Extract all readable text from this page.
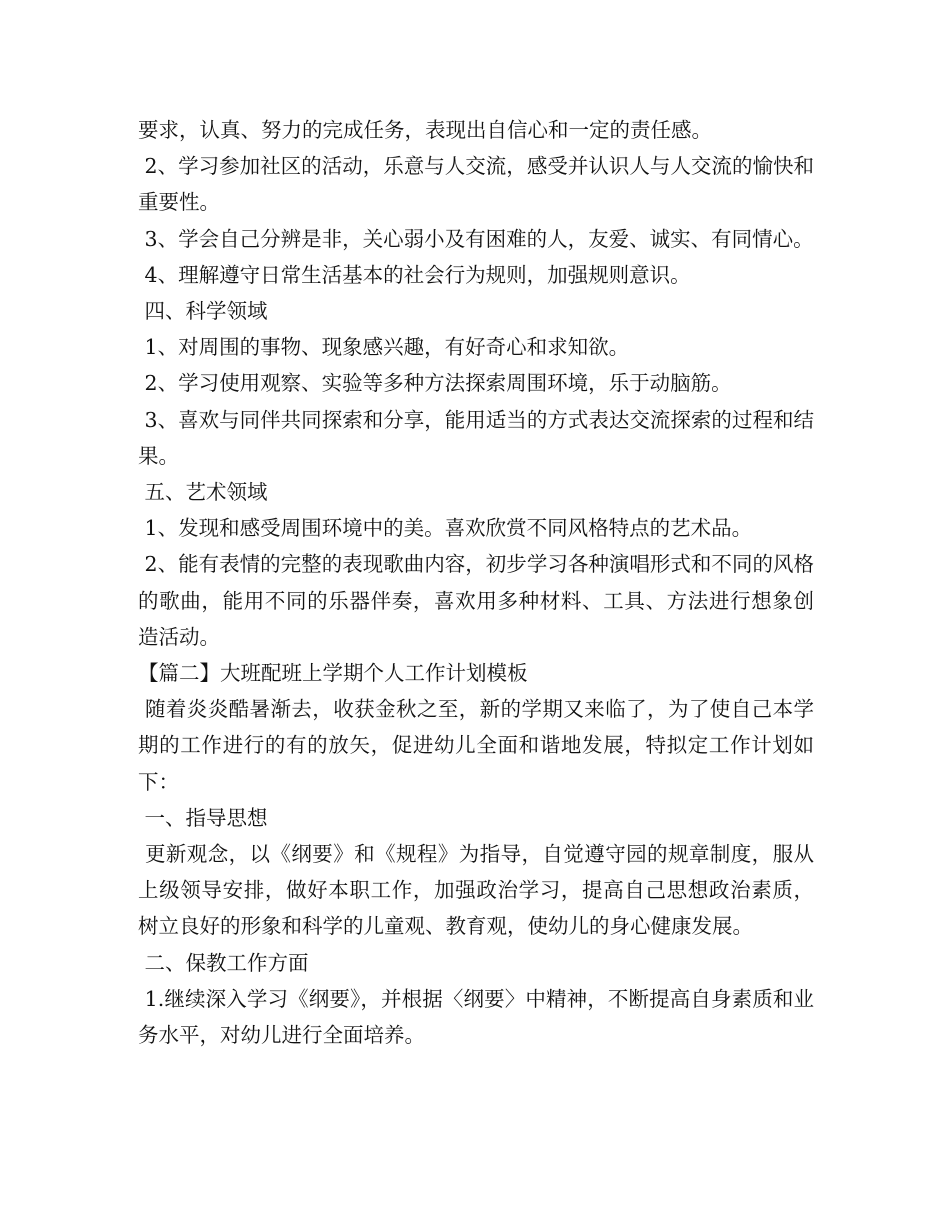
要求，认真、努力的完成任务，表现出自信心和一定的责任感。

2、学习参加社区的活动，乐意与人交流，感受并认识人与人交流的愉快和重要性。

3、学会自己分辨是非，关心弱小及有困难的人，友爱、诚实、有同情心。

4、理解遵守日常生活基本的社会行为规则，加强规则意识。

四、科学领域

1、对周围的事物、现象感兴趣，有好奇心和求知欲。

2、学习使用观察、实验等多种方法探索周围环境，乐于动脑筋。

3、喜欢与同伴共同探索和分享，能用适当的方式表达交流探索的过程和结果。

五、艺术领域

1、发现和感受周围环境中的美。喜欢欣赏不同风格特点的艺术品。

2、能有表情的完整的表现歌曲内容，初步学习各种演唱形式和不同的风格的歌曲，能用不同的乐器伴奏，喜欢用多种材料、工具、方法进行想象创造活动。

【篇二】大班配班上学期个人工作计划模板

随着炎炎酷暑渐去，收获金秋之至，新的学期又来临了，为了使自己本学期的工作进行的有的放矢，促进幼儿全面和谐地发展，特拟定工作计划如下：

一、指导思想

更新观念，以《纲要》和《规程》为指导，自觉遵守园的规章制度，服从上级领导安排，做好本职工作，加强政治学习，提高自己思想政治素质，树立良好的形象和科学的儿童观、教育观，使幼儿的身心健康发展。

二、保教工作方面

1.继续深入学习《纲要》，并根据〈纲要〉中精神，不断提高自身素质和业务水平，对幼儿进行全面培养。
